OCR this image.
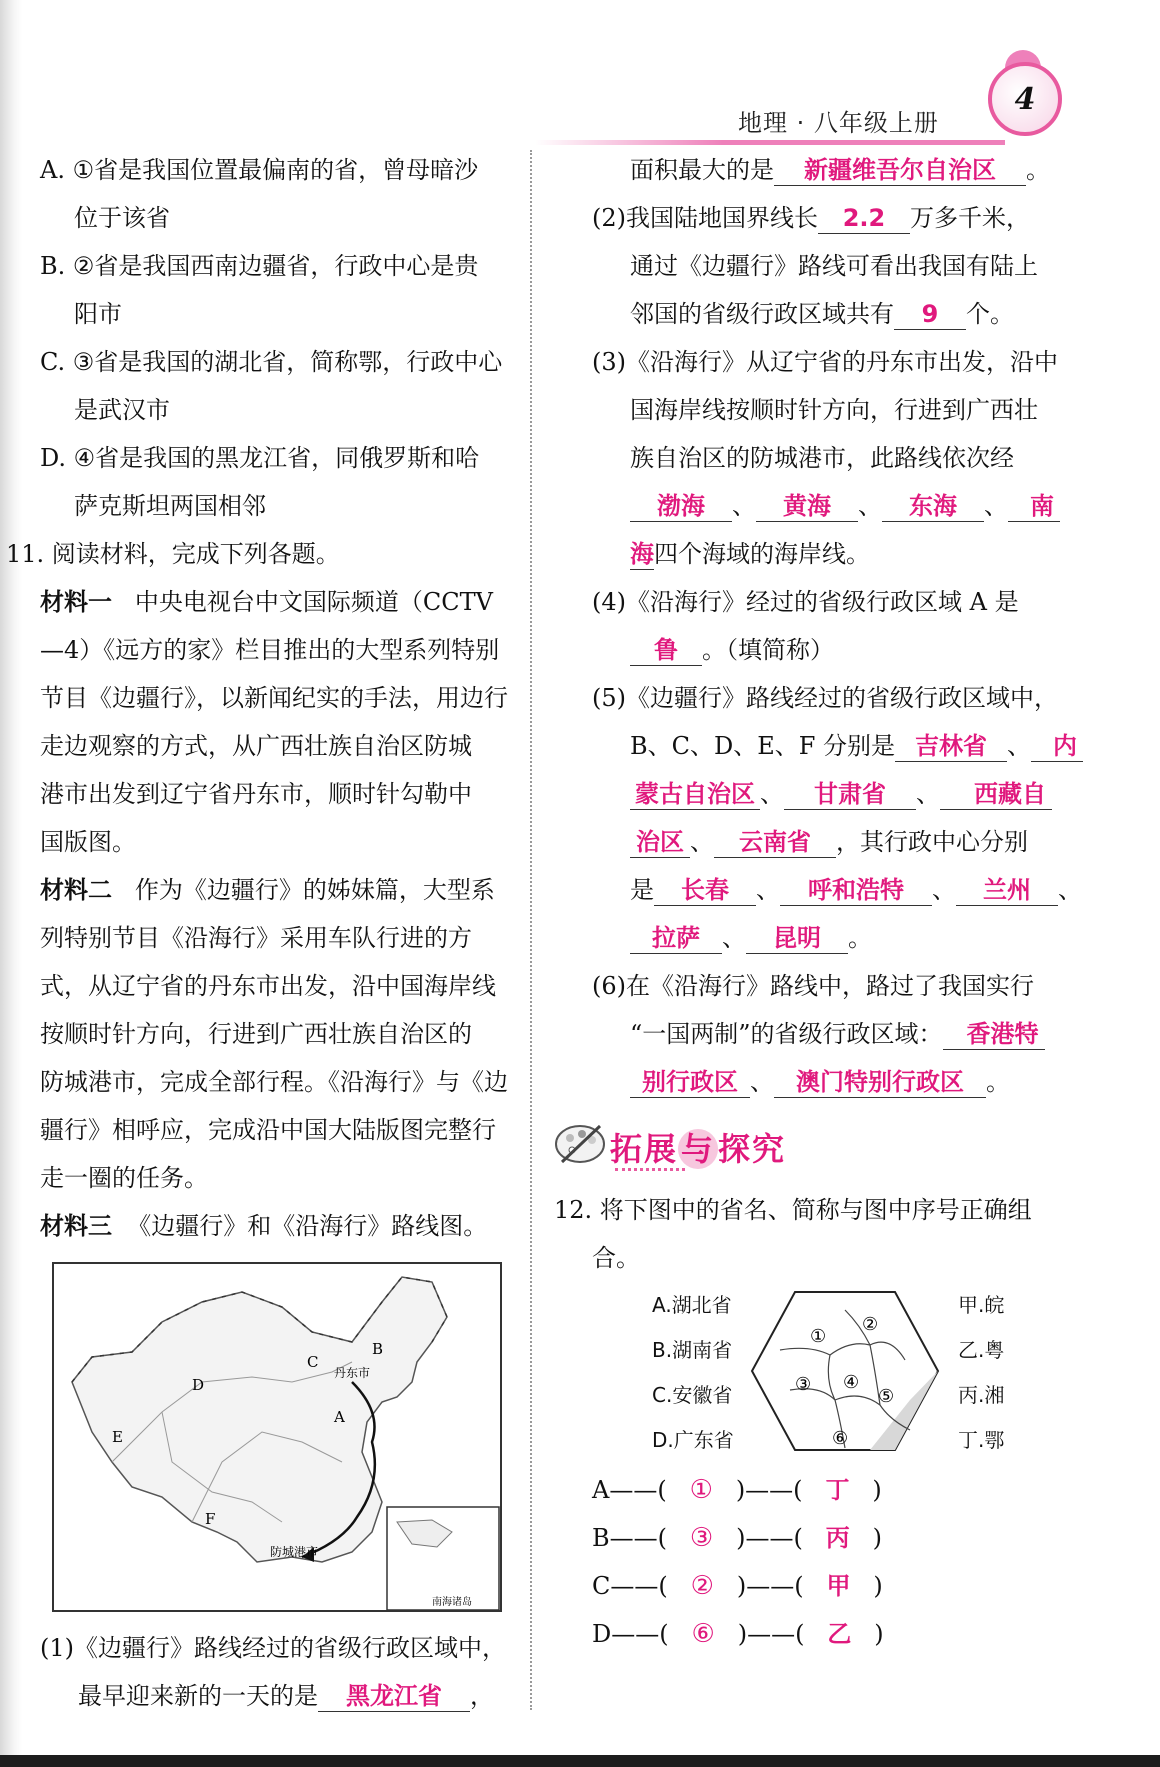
地理 · 八年级上册
4
A. ①省是我国位置最偏南的省，曾母暗沙
位于该省
B. ②省是我国西南边疆省，行政中心是贵
阳市
C. ③省是我国的湖北省，简称鄂，行政中心
是武汉市
D. ④省是我国的黑龙江省，同俄罗斯和哈
萨克斯坦两国相邻
11. 阅读材料，完成下列各题。
材料一 中央电视台中文国际频道（CCTV
—4）《远方的家》栏目推出的大型系列特别
节目《边疆行》，以新闻纪实的手法，用边行
走边观察的方式，从广西壮族自治区防城
港市出发到辽宁省丹东市，顺时针勾勒中
国版图。
材料二 作为《边疆行》的姊妹篇，大型系
列特别节目《沿海行》采用车队行进的方
式，从辽宁省的丹东市出发，沿中国海岸线
按顺时针方向，行进到广西壮族自治区的
防城港市，完成全部行程。《沿海行》与《边
疆行》相呼应，完成沿中国大陆版图完整行
走一圈的任务。
材料三 《边疆行》和《沿海行》路线图。
B
C
D
E
A
F
丹东市
防城港市
南海诸岛
(1)《边疆行》路线经过的省级行政区域中，
最早迎来新的一天的是 黑龙江省 ，
面积最大的是 新疆维吾尔自治区 。
(2)我国陆地国界线长 2.2 万多千米，
通过《边疆行》路线可看出我国有陆上
邻国的省级行政区域共有 9 个。
(3)《沿海行》从辽宁省的丹东市出发，沿中
国海岸线按顺时针方向，行进到广西壮
族自治区的防城港市，此路线依次经
渤海 、 黄海 、 东海 、 南
海四个海域的海岸线。
(4)《沿海行》经过的省级行政区域 A 是
鲁 。（填简称）
(5)《边疆行》路线经过的省级行政区域中，
B、C、D、E、F 分别是 吉林省 、 内
蒙古自治区 、 甘肃省 、 西藏自
治区 、 云南省 ，其行政中心分别
是 长春 、 呼和浩特 、 兰州 、
拉萨 、 昆明 。
(6)在《沿海行》路线中，路过了我国实行
“一国两制”的省级行政区域： 香港特
别行政区 、 澳门特别行政区 。
拓展与探究
12. 将下图中的省名、简称与图中序号正确组
合。
A.湖北省
B.湖南省
C.安徽省
D.广东省
甲.皖
乙.粤
丙.湘
丁.鄂
①
②
③ ④
⑤
⑥
A——( ① )——( 丁 )
B——( ③ )——( 丙 )
C——( ② )——( 甲 )
D——( ⑥ )——( 乙 )
